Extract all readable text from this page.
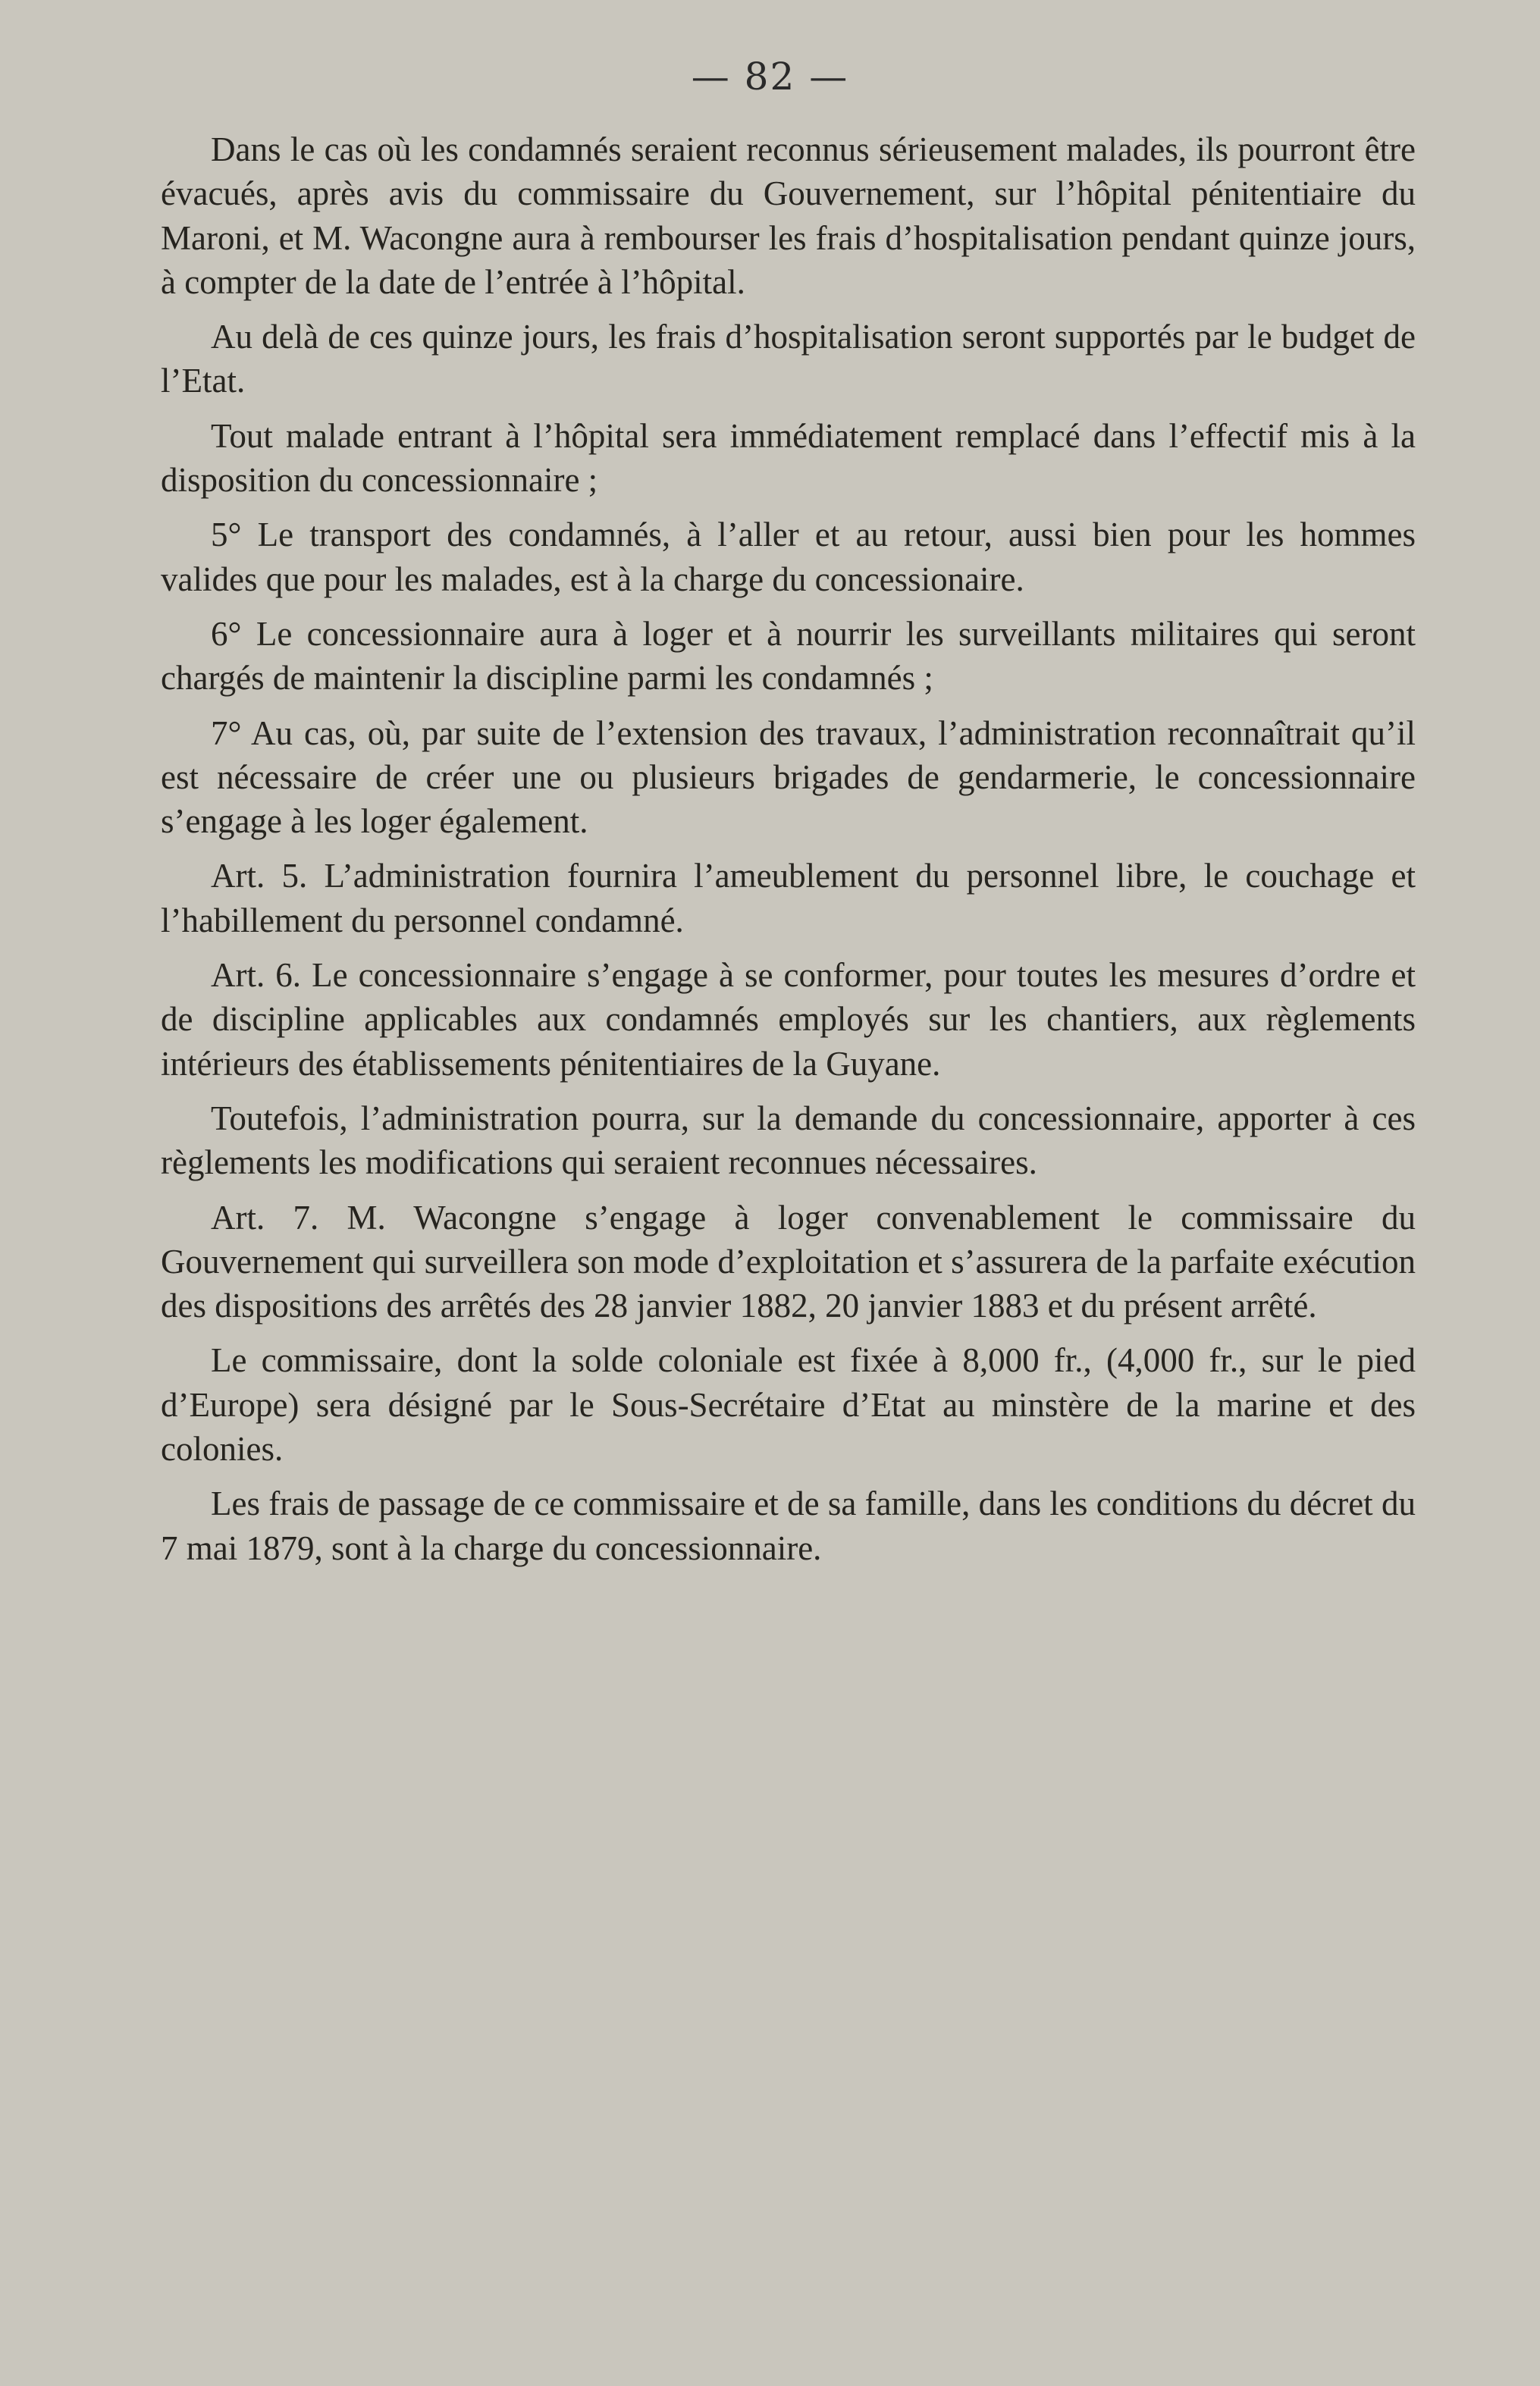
— 82 —

Dans le cas où les condamnés seraient reconnus sérieusement malades, ils pourront être évacués, après avis du commissaire du Gouvernement, sur l’hôpital pénitentiaire du Maroni, et M. Wacongne aura à rembourser les frais d’hospitalisation pendant quinze jours, à compter de la date de l’entrée à l’hôpital.

Au delà de ces quinze jours, les frais d’hospitalisation seront supportés par le budget de l’Etat.

Tout malade entrant à l’hôpital sera immédiatement remplacé dans l’effectif mis à la disposition du concessionnaire ;

5° Le transport des condamnés, à l’aller et au retour, aussi bien pour les hommes valides que pour les malades, est à la charge du concessionaire.

6° Le concessionnaire aura à loger et à nourrir les surveillants militaires qui seront chargés de maintenir la discipline parmi les condamnés ;

7° Au cas, où, par suite de l’extension des travaux, l’administration reconnaîtrait qu’il est nécessaire de créer une ou plusieurs brigades de gendarmerie, le concessionnaire s’engage à les loger également.

Art. 5. L’administration fournira l’ameublement du personnel libre, le couchage et l’habillement du personnel condamné.

Art. 6. Le concessionnaire s’engage à se conformer, pour toutes les mesures d’ordre et de discipline applicables aux condamnés employés sur les chantiers, aux règlements intérieurs des établissements pénitentiaires de la Guyane.

Toutefois, l’administration pourra, sur la demande du concessionnaire, apporter à ces règlements les modifications qui seraient reconnues nécessaires.

Art. 7. M. Wacongne s’engage à loger convenablement le commissaire du Gouvernement qui surveillera son mode d’exploitation et s’assurera de la parfaite exécution des dispositions des arrêtés des 28 janvier 1882, 20 janvier 1883 et du présent arrêté.

Le commissaire, dont la solde coloniale est fixée à 8,000 fr., (4,000 fr., sur le pied d’Europe) sera désigné par le Sous-Secrétaire d’Etat au minstère de la marine et des colonies.

Les frais de passage de ce commissaire et de sa famille, dans les conditions du décret du 7 mai 1879, sont à la charge du concessionnaire.
